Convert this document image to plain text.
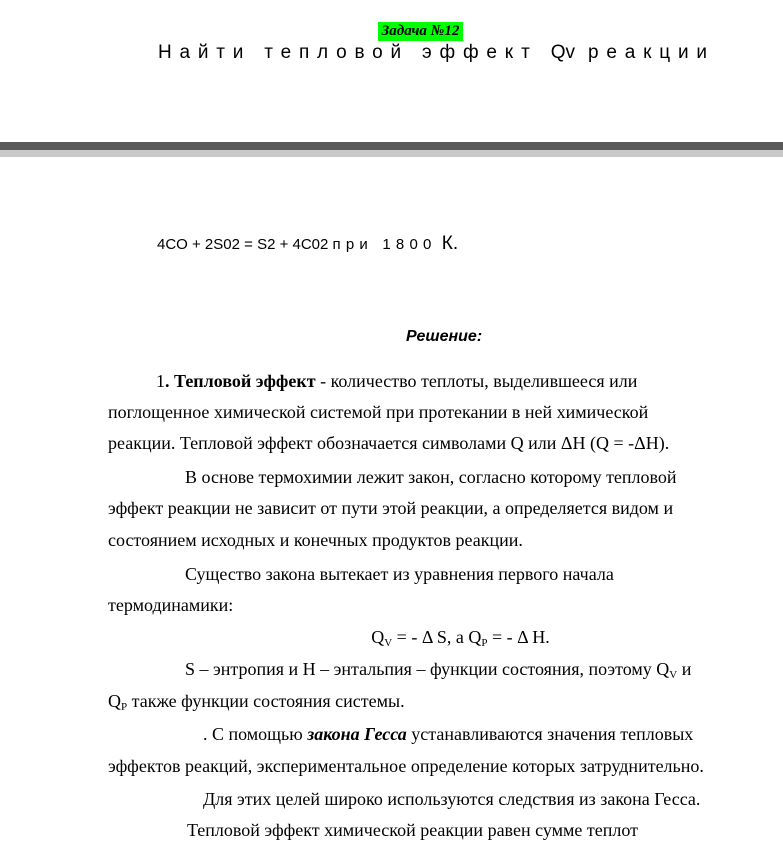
Задача №12
Найти тепловой эффект Qv реакции
4CO + 2S02 = S2 + 4C02 при 1800 К.
Решение:
1. Тепловой эффект - количество теплоты, выделившееся или
поглощенное химической системой при протекании в ней химической
реакции. Тепловой эффект обозначается символами Q или ΔН (Q = -ΔН).
В основе термохимии лежит закон, согласно которому тепловой
эффект реакции не зависит от пути этой реакции, а определяется видом и
состоянием исходных и конечных продуктов реакции.
Существо закона вытекает из уравнения первого начала
термодинамики:
$Q_V$ = - Δ S, а $Q_P$ = - Δ H.
S – энтропия и H – энтальпия – функции состояния, поэтому $Q_V$ и
$Q_P$ также функции состояния системы.
. С помощью закона Гесса устанавливаются значения тепловых
эффектов реакций, экспериментальное определение которых затруднительно.
Для этих целей широко используются следствия из закона Гесса.
Тепловой эффект химической реакции равен сумме теплот
